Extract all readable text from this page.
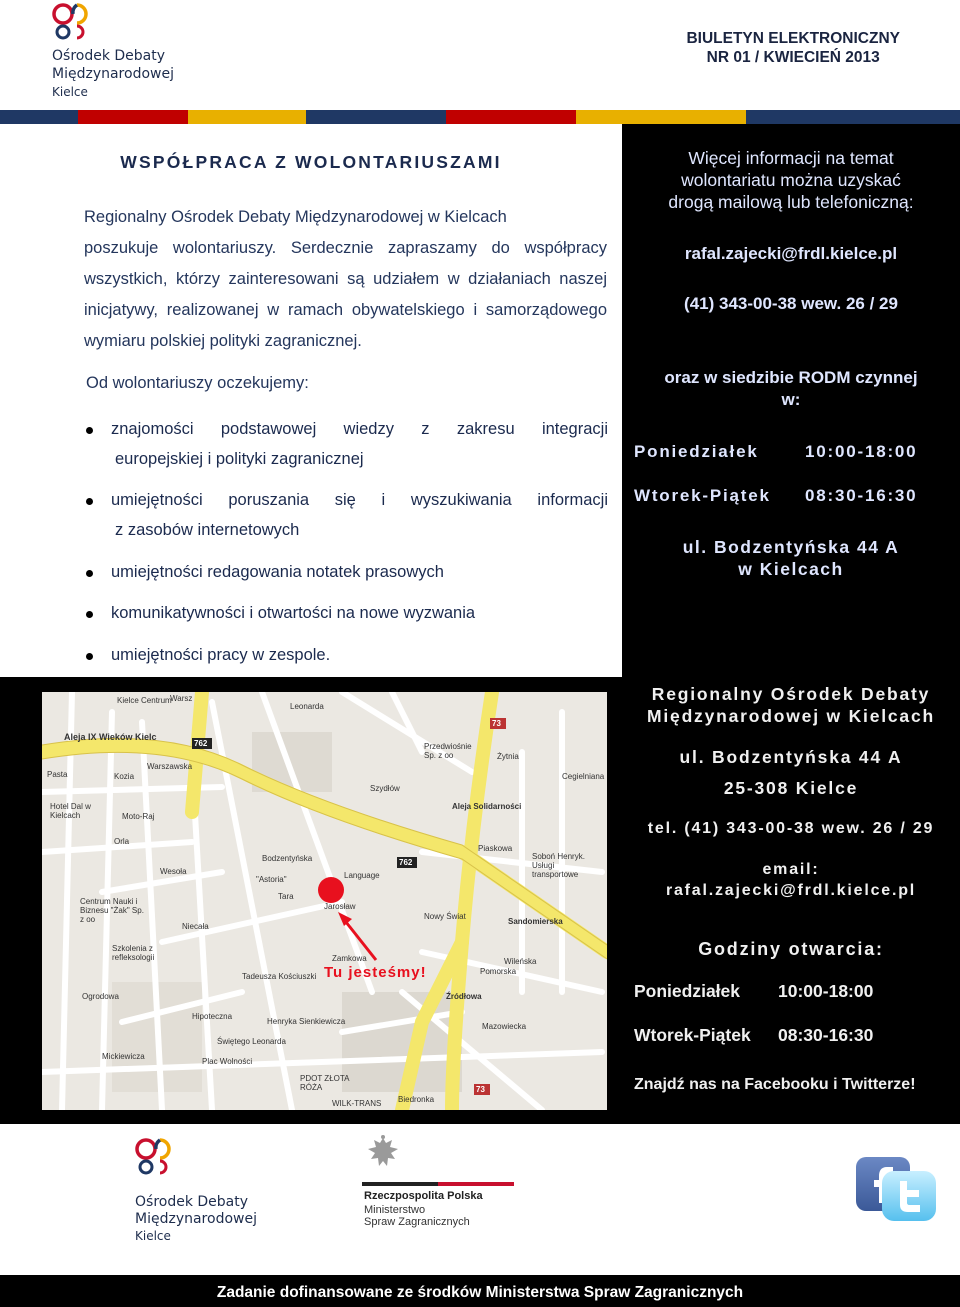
Ośrodek Debaty
Międzynarodowej
Kielce
BIULETYN ELEKTRONICZNY
NR 01 / KWIECIEŃ 2013
WSPÓŁPRACA Z WOLONTARIUSZAMI
Regionalny Ośrodek Debaty Międzynarodowej w Kielcach
poszukuje wolontariuszy. Serdecznie zapraszamy do współpracy wszystkich, którzy zainteresowani są udziałem w działaniach naszej inicjatywy, realizowanej w ramach obywatelskiego i samorządowego wymiaru polskiej polityki zagranicznej.
Od wolontariuszy oczekujemy:
znajomości podstawowej wiedzy z zakresu integracji
europejskiej i polityki zagranicznej
umiejętności poruszania się i wyszukiwania informacji
z zasobów internetowych
umiejętności redagowania notatek prasowych
komunikatywności i otwartości na nowe wyzwania
umiejętności pracy w zespole.
Więcej informacji na temat
wolontariatu można uzyskać
drogą mailową lub telefoniczną:
rafal.zajecki@frdl.kielce.pl
(41) 343-00-38 wew. 26 / 29
oraz w siedzibie RODM czynnej
w:
Poniedziałek	10:00-18:00
Wtorek-Piątek 08:30-16:30
ul. Bodzentyńska 44 A
w Kielcach
Kielce Centrum
Warsz
Leonarda
Aleja IX Wieków Kielc
762
762
73
73
Pasta
Hotel Dal w Kielcach	Moto-Raj
Orla
Kozia
Warszawska
Bodzentyńska
Wesoła
"Astoria"
Tara
Language
Jarosław
Centrum Nauki i Biznesu "Żak" Sp. z oo
Szkolenia z refleksologii
Przedwiośnie Sp. z oo
Aleja Solidarności
Szydłów
Piaskowa
Sandomierska
Soboń Henryk. Usługi transportowe
Źródłowa
Henryka Sienkiewicza
PDOT ZŁOTA RÓŻA
WILK-TRANS Biedronka
Mazowiecka
Pomorska
Tadeusza Kościuszki
Plac Wolności
Wileńska
Cegielniana
Żytnia
Nowy Świat
Niecała
Hipoteczna
Świętego Leonarda
Ogrodowa
Mickiewicza
Zamkowa
Tu jesteśmy!
Regionalny Ośrodek Debaty
Międzynarodowej w Kielcach
ul. Bodzentyńska 44 A
25-308 Kielce
tel. (41) 343-00-38 wew. 26 / 29
email:
rafal.zajecki@frdl.kielce.pl
Godziny otwarcia:
Poniedziałek 10:00-18:00
Wtorek-Piątek 08:30-16:30
Znajdź nas na Facebooku i Twitterze!
Ośrodek Debaty
Międzynarodowej
Kielce
Rzeczpospolita Polska
Ministerstwo
Spraw Zagranicznych
Zadanie dofinansowane ze środków Ministerstwa Spraw Zagranicznych
